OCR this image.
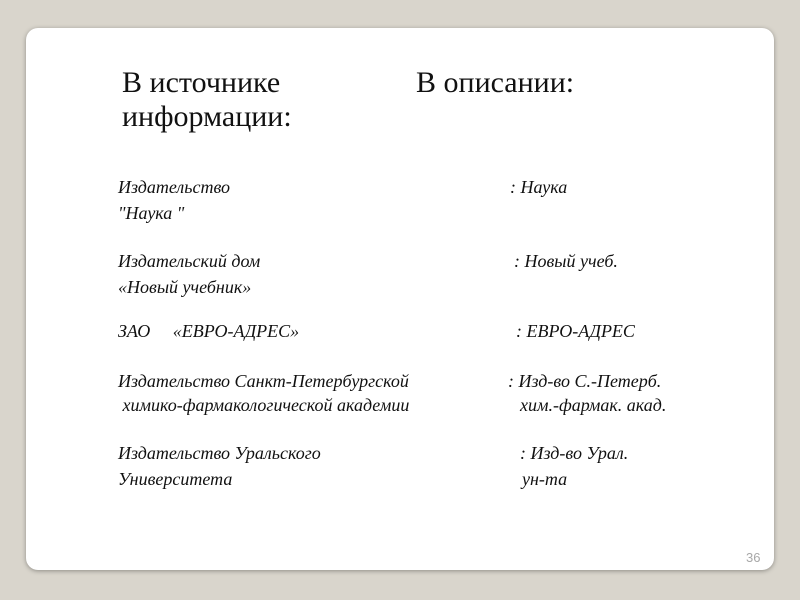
В источнике
информации:
В описании:
Издательство
"Наука "
: Наука
Издательский дом
«Новый учебник»
: Новый учеб.
ЗАО     «ЕВРО-АДРЕС»	: ЕВРО-АДРЕС
Издательство Санкт-Петербургской
химико-фармакологической академии
: Изд-во С.-Петерб.
хим.-фармак. акад.
Издательство Уральского
Университета
: Изд-во Урал.
ун-та
36
